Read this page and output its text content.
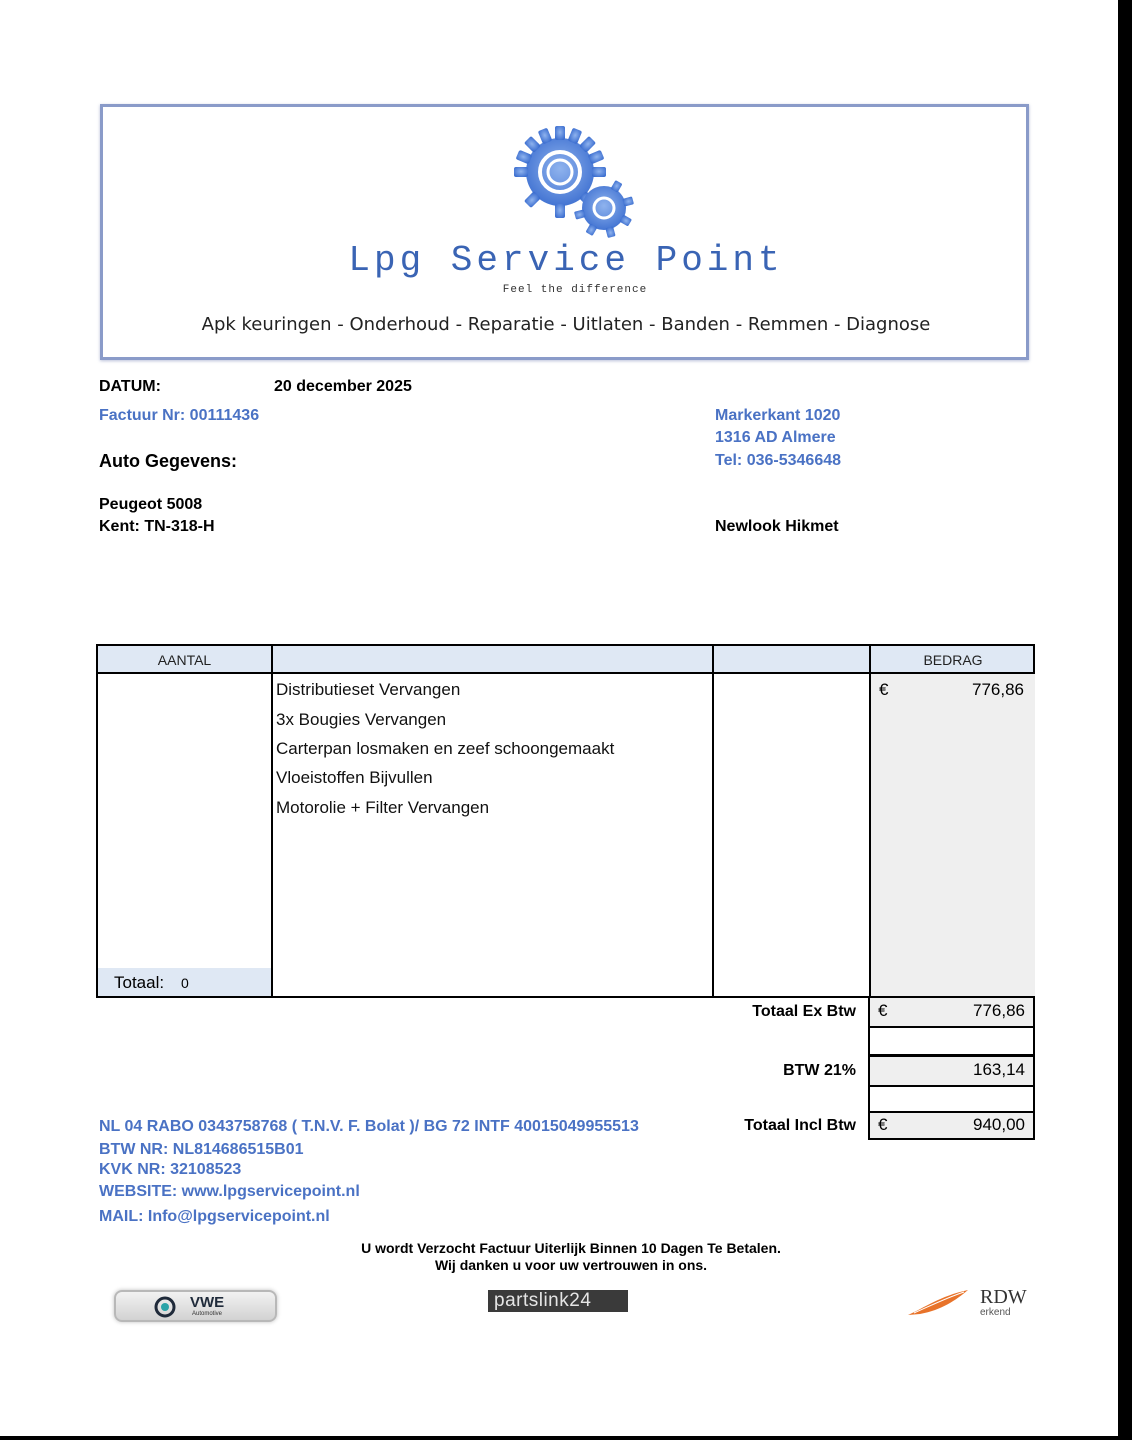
Lpg Service Point
Feel the difference
Apk keuringen - Onderhoud - Reparatie - Uitlaten - Banden - Remmen - Diagnose
DATUM:	20 december 2025
Factuur Nr: 00111436
Auto Gegevens:
Peugeot 5008
Kent: TN-318-H
Markerkant 1020
1316 AD Almere
Tel: 036-5346648
Newlook Hikmet
AANTAL	BEDRAG
Distributieset Vervangen
3x Bougies Vervangen
Carterpan losmaken en zeef schoongemaakt
Vloeistoffen Bijvullen
Motorolie + Filter Vervangen
€	776,86
Totaal: 0
Totaal Ex Btw €	776,86
BTW 21%	163,14
Totaal Incl Btw €	940,00
NL 04 RABO 0343758768 ( T.N.V. F. Bolat )/ BG 72 INTF 40015049955513
BTW NR: NL814686515B01
KVK NR: 32108523
WEBSITE: www.lpgservicepoint.nl
MAIL: Info@lpgservicepoint.nl
U wordt Verzocht Factuur Uiterlijk Binnen 10 Dagen Te Betalen.
Wij danken u voor uw vertrouwen in ons.
VWE
Automotive
partslink24	RDW
erkend
